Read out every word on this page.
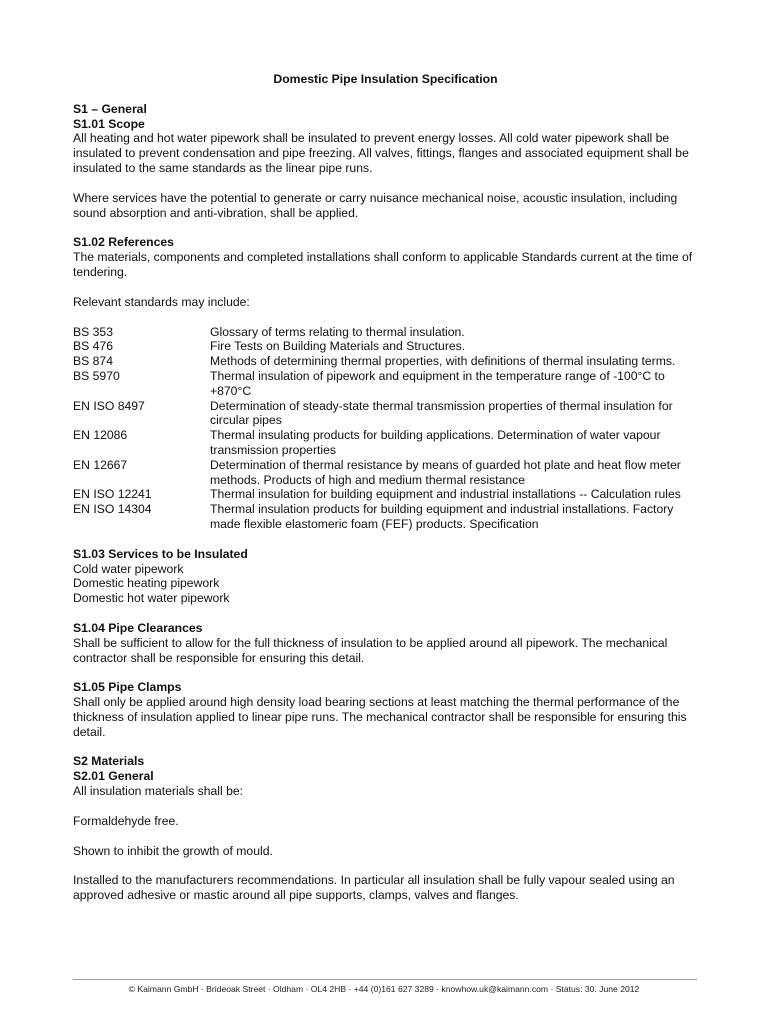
Domestic Pipe Insulation Specification
S1 – General
S1.01 Scope

All heating and hot water pipework shall be insulated to prevent energy losses. All cold water pipework shall be insulated to prevent condensation and pipe freezing. All valves, fittings, flanges and associated equipment shall be insulated to the same standards as the linear pipe runs.

Where services have the potential to generate or carry nuisance mechanical noise, acoustic insulation, including sound absorption and anti-vibration, shall be applied.

S1.02 References

The materials, components and completed installations shall conform to applicable Standards current at the time of tendering.

Relevant standards may include:

BS 353	Glossary of terms relating to thermal insulation.
BS 476	Fire Tests on Building Materials and Structures.
BS 874	Methods of determining thermal properties, with definitions of thermal insulating terms.
BS 5970	Thermal insulation of pipework and equipment in the temperature range of -100°C to +870°C
EN ISO 8497	Determination of steady-state thermal transmission properties of thermal insulation for circular pipes
EN 12086	Thermal insulating products for building applications. Determination of water vapour transmission properties
EN 12667	Determination of thermal resistance by means of guarded hot plate and heat flow meter methods. Products of high and medium thermal resistance
EN ISO 12241	Thermal insulation for building equipment and industrial installations -- Calculation rules
EN ISO 14304	Thermal insulation products for building equipment and industrial installations. Factory made flexible elastomeric foam (FEF) products. Specification
S1.03 Services to be Insulated
Cold water pipework
Domestic heating pipework
Domestic hot water pipework
S1.04 Pipe Clearances

Shall be sufficient to allow for the full thickness of insulation to be applied around all pipework. The mechanical contractor shall be responsible for ensuring this detail.

S1.05 Pipe Clamps

Shall only be applied around high density load bearing sections at least matching the thermal performance of the thickness of insulation applied to linear pipe runs. The mechanical contractor shall be responsible for ensuring this detail.

S2 Materials
S2.01 General

All insulation materials shall be:

Formaldehyde free.

Shown to inhibit the growth of mould.

Installed to the manufacturers recommendations. In particular all insulation shall be fully vapour sealed using an approved adhesive or mastic around all pipe supports, clamps, valves and flanges.

© Kaimann GmbH · Brideoak Street · Oldham · OL4 2HB · +44 (0)161 627 3289 · knowhow.uk@kaimann.com · Status: 30. June 2012
